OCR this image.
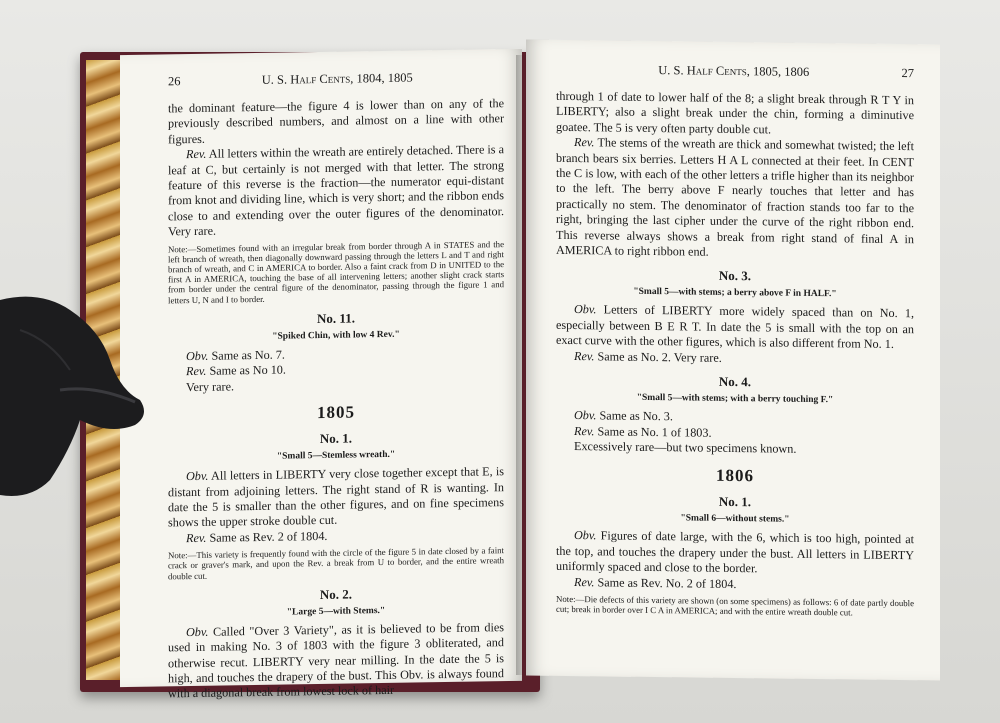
26	U. S. Half Cents, 1804, 1805

the dominant feature—the figure 4 is lower than on any of the previously described numbers, and almost on a line with other figures.

Rev. All letters within the wreath are entirely detached. There is a leaf at C, but certainly is not merged with that letter. The strong feature of this reverse is the fraction—the numerator equi-distant from knot and dividing line, which is very short; and the ribbon ends close to and extending over the outer figures of the denominator. Very rare.

Note:—Sometimes found with an irregular break from border through A in STATES and the left branch of wreath, then diagonally downward passing through the letters L and T and right branch of wreath, and C in AMERICA to border. Also a faint crack from D in UNITED to the first A in AMERICA, touching the base of all intervening letters; another slight crack starts from border under the central figure of the denominator, passing through the figure 1 and letters U, N and I to border.
No. 11.
"Spiked Chin, with low 4 Rev."
Obv. Same as No. 7.
Rev. Same as No 10.
Very rare.
1805
No. 1.
"Small 5—Stemless wreath."

Obv. All letters in LIBERTY very close together except that E, is distant from adjoining letters. The right stand of R is wanting. In date the 5 is smaller than the other figures, and on fine specimens shows the upper stroke double cut.

Rev. Same as Rev. 2 of 1804.
Note:—This variety is frequently found with the circle of the figure 5 in date closed by a faint crack or graver's mark, and upon the Rev. a break from U to border, and the entire wreath double cut.
No. 2.
"Large 5—with Stems."

Obv. Called "Over 3 Variety", as it is believed to be from dies used in making No. 3 of 1803 with the figure 3 obliterated, and otherwise recut. LIBERTY very near milling. In the date the 5 is high, and touches the drapery of the bust. This Obv. is always found with a diagonal break from lowest lock of hair

U. S. Half Cents, 1805, 1806	27

through 1 of date to lower half of the 8; a slight break through R T Y in LIBERTY; also a slight break under the chin, forming a diminutive goatee. The 5 is very often party double cut.

Rev. The stems of the wreath are thick and somewhat twisted; the left branch bears six berries. Letters H A L connected at their feet. In CENT the C is low, with each of the other letters a trifle higher than its neighbor to the left. The berry above F nearly touches that letter and has practically no stem. The denominator of fraction stands too far to the right, bringing the last cipher under the curve of the right ribbon end. This reverse always shows a break from right stand of final A in AMERICA to right ribbon end.

No. 3.
"Small 5—with stems; a berry above F in HALF."

Obv. Letters of LIBERTY more widely spaced than on No. 1, especially between B E R T. In date the 5 is small with the top on an exact curve with the other figures, which is also different from No. 1.

Rev. Same as No. 2. Very rare.
No. 4.
"Small 5—with stems; with a berry touching F."
Obv. Same as No. 3.
Rev. Same as No. 1 of 1803.
Excessively rare—but two specimens known.
1806
No. 1.
"Small 6—without stems."

Obv. Figures of date large, with the 6, which is too high, pointed at the top, and touches the drapery under the bust. All letters in LIBERTY uniformly spaced and close to the border.

Rev. Same as Rev. No. 2 of 1804.
Note:—Die defects of this variety are shown (on some specimens) as follows: 6 of date partly double cut; break in border over I C A in AMERICA; and with the entire wreath double cut.
